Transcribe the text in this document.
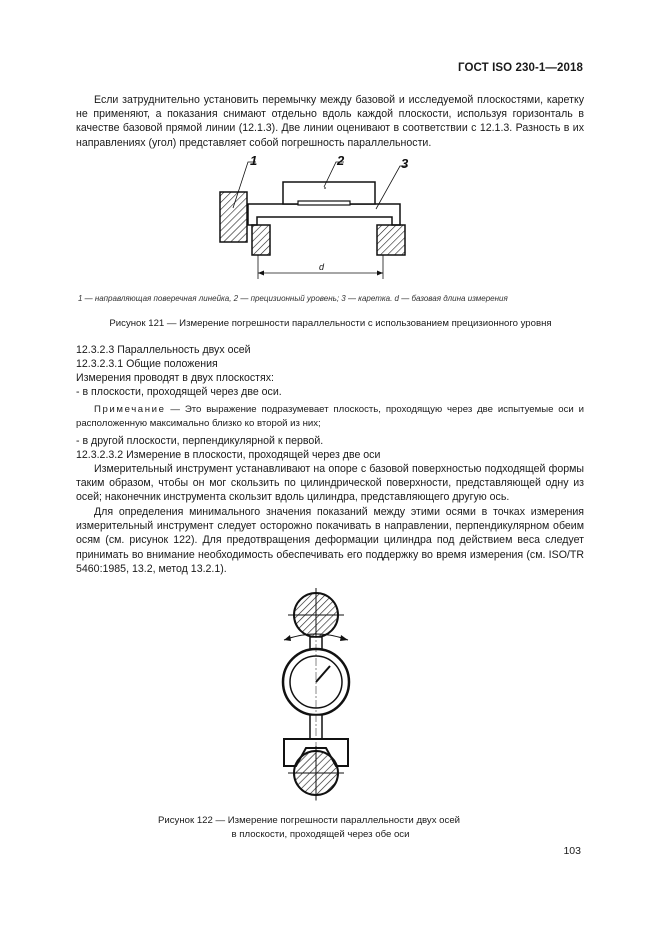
ГОСТ ISO 230-1—2018

Если затруднительно установить перемычку между базовой и исследуемой плоскостями, каретку не применяют, а показания снимают отдельно вдоль каждой плоскости, используя горизонталь в качестве базовой прямой линии (12.1.3). Две линии оценивают в соответствии с 12.1.3. Разность в их направлениях (угол) представляет собой погрешность параллельности.

1	2	3
d
1 — направляющая поверечная линейка, 2 — прецизионный уровень; 3 — каретка. d — базовая длина измерения
Рисунок 121 — Измерение погрешности параллельности с использованием прецизионного уровня
12.3.2.3 Параллельность двух осей
12.3.2.3.1 Общие положения
Измерения проводят в двух плоскостях:
- в плоскости, проходящей через две оси.

Примечание — Это выражение подразумевает плоскость, проходящую через две испытуемые оси и расположенную максимально близко ко второй из них;

- в другой плоскости, перпендикулярной к первой.
12.3.2.3.2 Измерение в плоскости, проходящей через две оси

Измерительный инструмент устанавливают на опоре с базовой поверхностью подходящей формы таким образом, чтобы он мог скользить по цилиндрической поверхности, представляющей одну из осей; наконечник инструмента скользит вдоль цилиндра, представляющего другую ось.

Для определения минимального значения показаний между этими осями в точках измерения измерительный инструмент следует осторожно покачивать в направлении, перпендикулярном обеим осям (см. рисунок 122). Для предотвращения деформации цилиндра под действием веса следует принимать во внимание необходимость обеспечивать его поддержку во время измерения (см. ISO/TR 5460:1985, 13.2, метод 13.2.1).

Рисунок 122 — Измерение погрешности параллельности двух осей
в плоскости, проходящей через обе оси
103
